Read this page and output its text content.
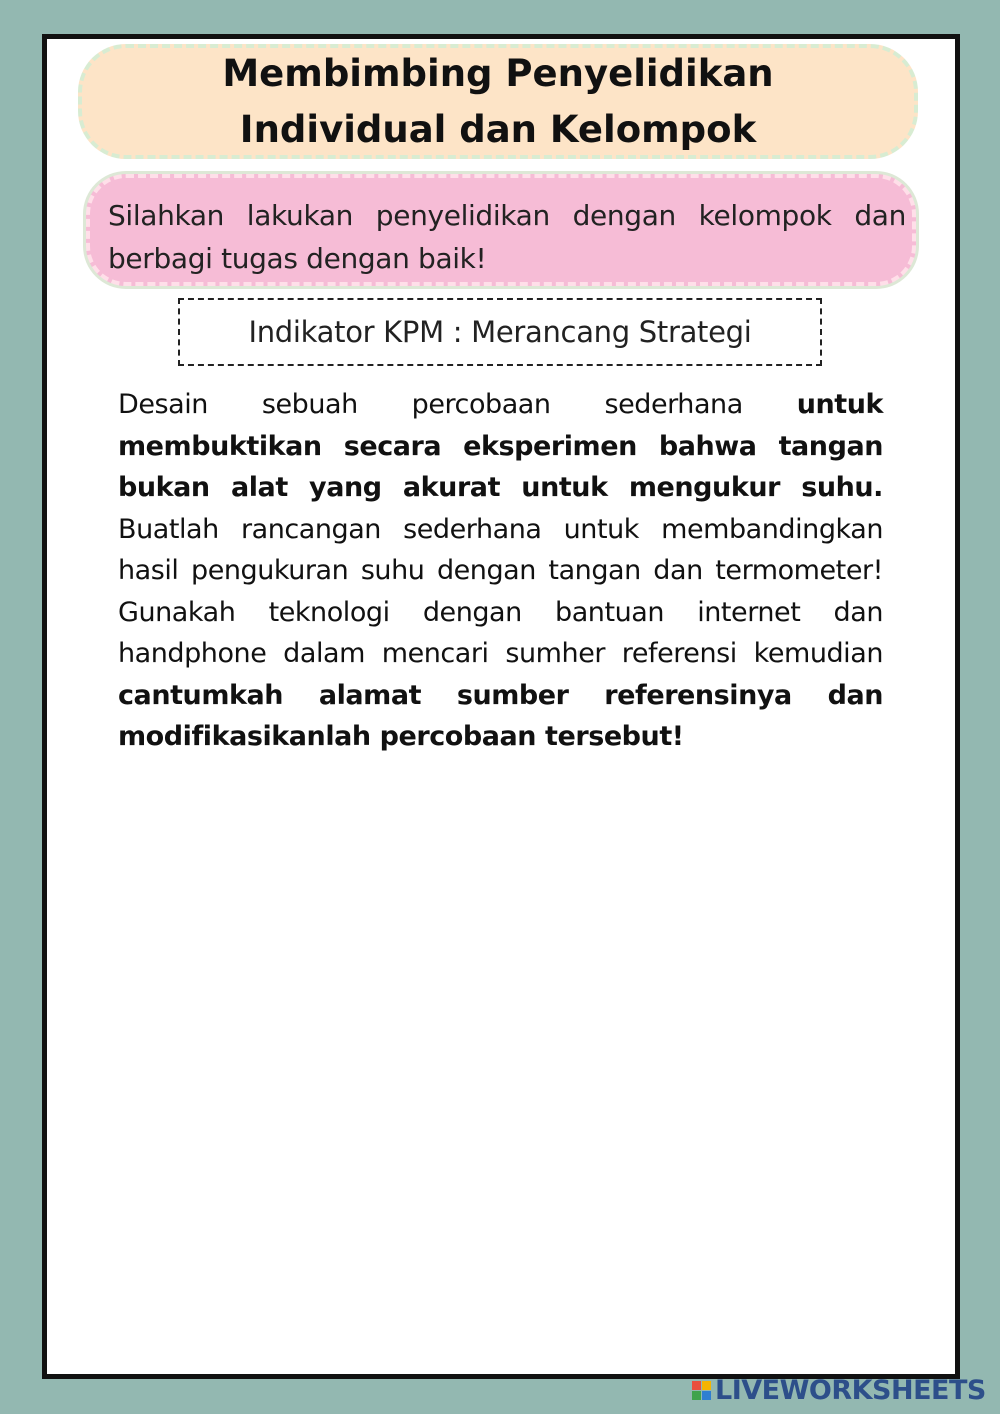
Membimbing Penyelidikan
Individual dan Kelompok

Silahkan lakukan penyelidikan dengan kelompok dan berbagi tugas dengan baik!

Indikator KPM : Merancang Strategi

Desain sebuah percobaan sederhana untuk membuktikan secara eksperimen bahwa tangan bukan alat yang akurat untuk mengukur suhu. Buatlah rancangan sederhana untuk membandingkan hasil pengukuran suhu dengan tangan dan termometer! Gunakah teknologi dengan bantuan internet dan handphone dalam mencari sumher referensi kemudian cantumkah alamat sumber referensinya dan modifikasikanlah percobaan tersebut!

LIVEWORKSHEETS
